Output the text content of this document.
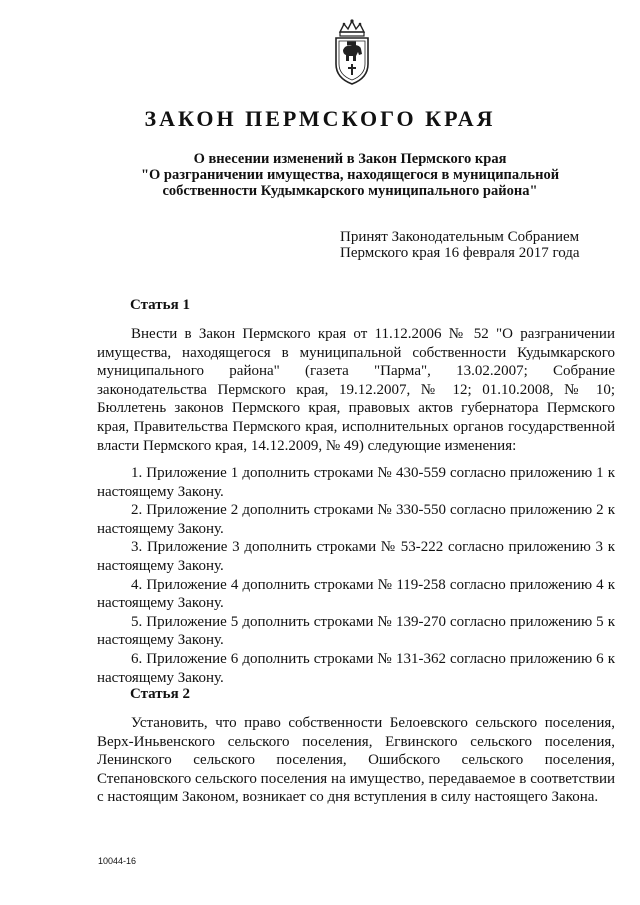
ЗАКОН ПЕРМСКОГО КРАЯ
О внесении изменений в Закон Пермского края
"О разграничении имущества, находящегося в муниципальной
собственности Кудымкарского муниципального района"
Принят Законодательным Собранием
Пермского края 16 февраля 2017 года
Статья 1
Внести в Закон Пермского края от 11.12.2006 № 52 "О разграничении имущества, находящегося в муниципальной собственности Кудымкарского муниципального района" (газета "Парма", 13.02.2007; Собрание законодательства Пермского края, 19.12.2007, № 12; 01.10.2008, № 10; Бюллетень законов Пермского края, правовых актов губернатора Пермского края, Правительства Пермского края, исполнительных органов государственной власти Пермского края, 14.12.2009, № 49) следующие изменения:

1. Приложение 1 дополнить строками № 430-559 согласно приложению 1 к настоящему Закону.

2. Приложение 2 дополнить строками № 330-550 согласно приложению 2 к настоящему Закону.

3. Приложение 3 дополнить строками № 53-222 согласно приложению 3 к настоящему Закону.

4. Приложение 4 дополнить строками № 119-258 согласно приложению 4 к настоящему Закону.

5. Приложение 5 дополнить строками № 139-270 согласно приложению 5 к настоящему Закону.

6. Приложение 6 дополнить строками № 131-362 согласно приложению 6 к настоящему Закону.

Статья 2
Установить, что право собственности Белоевского сельского поселения, Верх-Иньвенского сельского поселения, Егвинского сельского поселения, Ленинского сельского поселения, Ошибского сельского поселения, Степановского сельского поселения на имущество, передаваемое в соответствии с настоящим Законом, возникает со дня вступления в силу настоящего Закона.
10044-16
